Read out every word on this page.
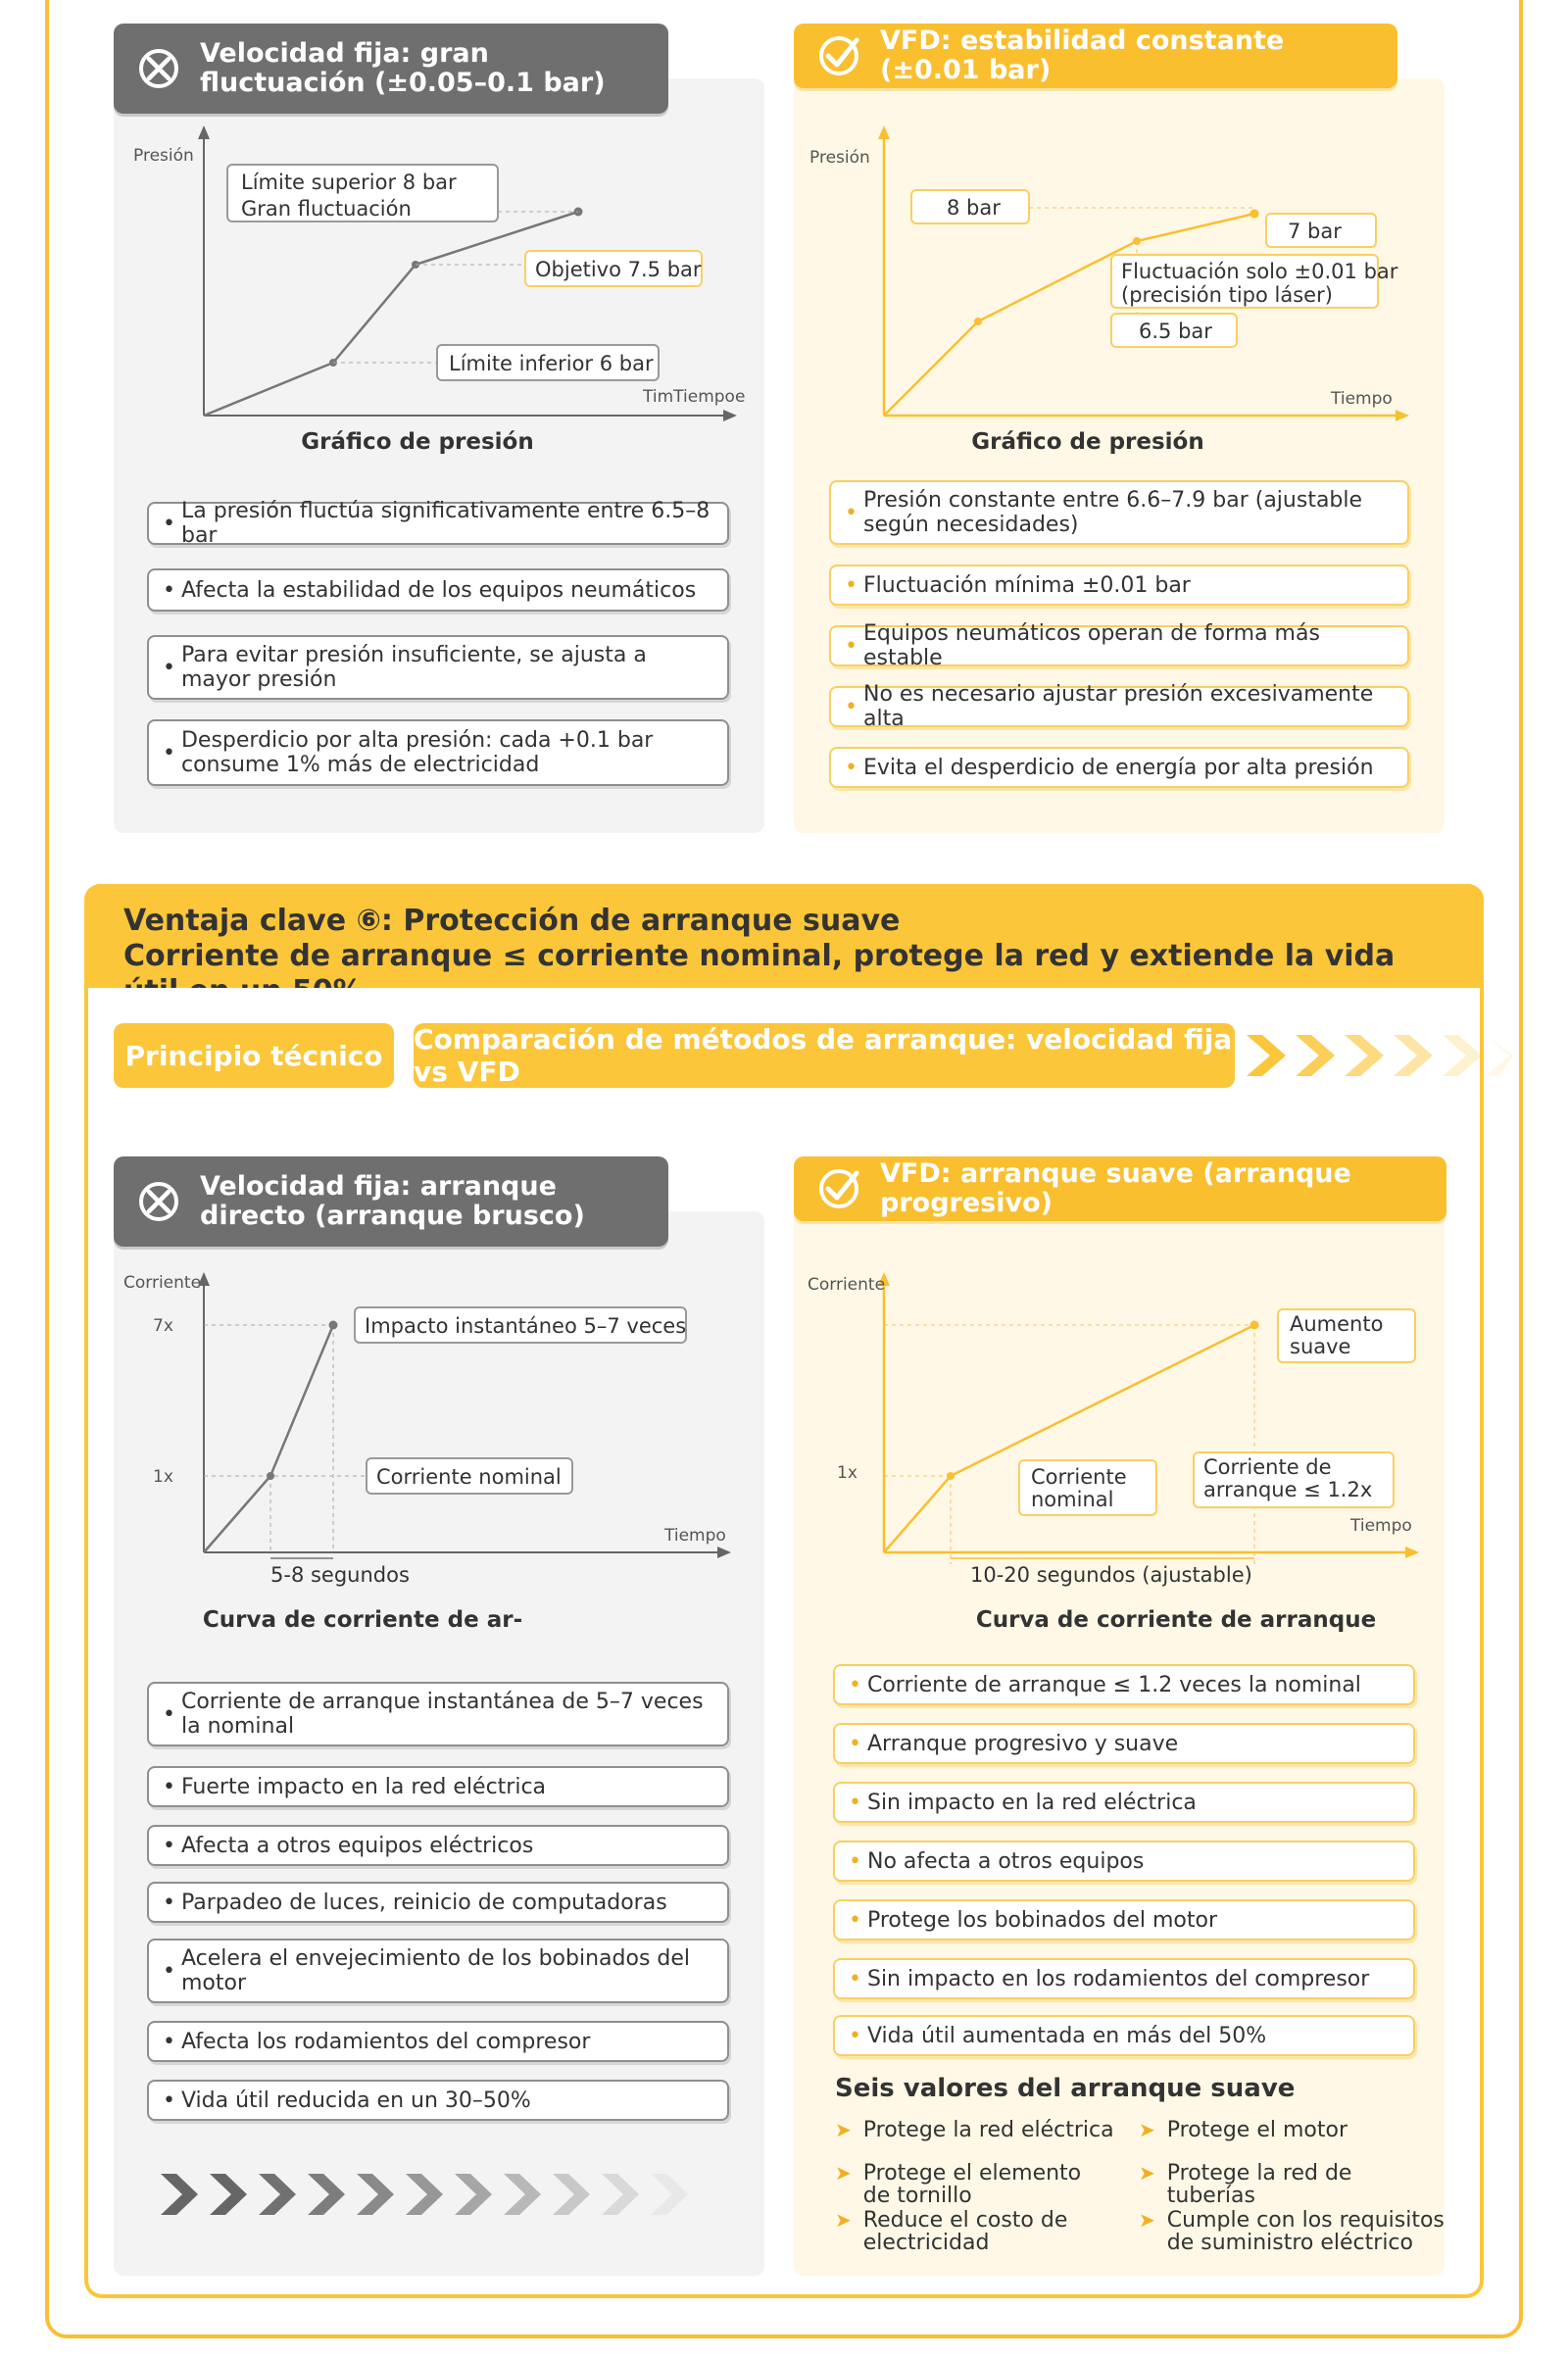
Velocidad fija: gran fluctuación (±0.05–0.1 bar)
VFD: estabilidad constante (±0.01 bar)
Presión
TimTiempoe
Límite superior 8 bar
Gran fluctuación
Objetivo 7.5 bar
Límite inferior 6 bar
Gráfico de presión
Presión
Tiempo
8 bar
7 bar
Fluctuación solo ±0.01 bar
(precisión tipo láser)
6.5 bar
Gráfico de presión
• La presión fluctúa significativamente entre 6.5–8 bar
• Afecta la estabilidad de los equipos neumáticos
• Para evitar presión insuficiente, se ajusta a mayor presión
• Desperdicio por alta presión: cada +0.1 bar consume 1% más de electricidad
• Presión constante entre 6.6–7.9 bar (ajustable según necesidades)
• Fluctuación mínima ±0.01 bar
• Equipos neumáticos operan de forma más estable
• No es necesario ajustar presión excesivamente alta
• Evita el desperdicio de energía por alta presión
Ventaja clave ⑥: Protección de arranque suave
Corriente de arranque ≤ corriente nominal, protege la red y extiende la vida
Principio técnico	Comparación de métodos de arranque: velocidad fija vs VFD
Velocidad fija: arranque directo (arranque brusco)
VFD: arranque suave (arranque progresivo)
Corriente
Tiempo
7x
1x
Impacto instantáneo 5–7 veces
Corriente nominal
5-8 segundos
Curva de corriente de ar-
Corriente
Tiempo
1x
Aumento
suave
Corriente
nominal
Corriente de
arranque ≤ 1.2x
10-20 segundos (ajustable)
Curva de corriente de arranque
• Corriente de arranque instantánea de 5–7 veces la nominal
• Fuerte impacto en la red eléctrica
• Afecta a otros equipos eléctricos
• Parpadeo de luces, reinicio de computadoras
• Acelera el envejecimiento de los bobinados del motor
• Afecta los rodamientos del compresor
• Vida útil reducida en un 30–50%
• Corriente de arranque ≤ 1.2 veces la nominal
• Arranque progresivo y suave
• Sin impacto en la red eléctrica
• No afecta a otros equipos
• Protege los bobinados del motor
• Sin impacto en los rodamientos del compresor
• Vida útil aumentada en más del 50%
Seis valores del arranque suave
➤ Protege la red eléctrica ➤ Protege el motor
➤ Protege el elemento
de tornillo
➤ Protege la red de tuberías
➤ Reduce el costo de
electricidad
➤ Cumple con los requisitos
de suministro eléctrico
